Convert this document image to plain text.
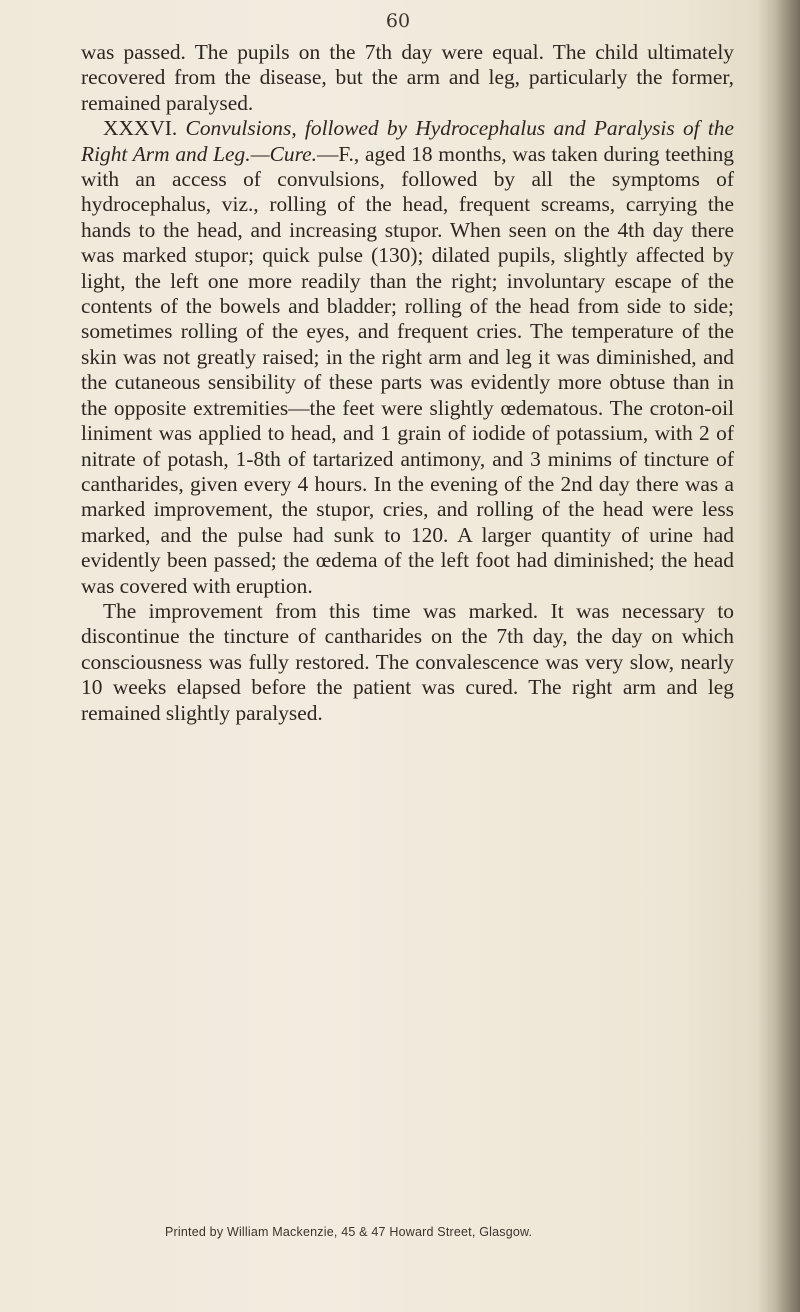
60

was passed. The pupils on the 7th day were equal. The child ultimately recovered from the disease, but the arm and leg, particularly the former, remained paralysed.

XXXVI. Convulsions, followed by Hydrocephalus and Paralysis of the Right Arm and Leg.—Cure.—F., aged 18 months, was taken during teething with an access of convulsions, followed by all the symptoms of hydrocephalus, viz., rolling of the head, frequent screams, carrying the hands to the head, and increasing stupor. When seen on the 4th day there was marked stupor; quick pulse (130); dilated pupils, slightly affected by light, the left one more readily than the right; involuntary escape of the contents of the bowels and bladder; rolling of the head from side to side; sometimes rolling of the eyes, and frequent cries. The temperature of the skin was not greatly raised; in the right arm and leg it was diminished, and the cutaneous sensibility of these parts was evidently more obtuse than in the opposite extremities—the feet were slightly œdematous. The croton-oil liniment was applied to head, and 1 grain of iodide of potassium, with 2 of nitrate of potash, 1-8th of tartarized antimony, and 3 minims of tincture of cantharides, given every 4 hours. In the evening of the 2nd day there was a marked improvement, the stupor, cries, and rolling of the head were less marked, and the pulse had sunk to 120. A larger quantity of urine had evidently been passed; the œdema of the left foot had diminished; the head was covered with eruption.

The improvement from this time was marked. It was necessary to discontinue the tincture of cantharides on the 7th day, the day on which consciousness was fully restored. The convalescence was very slow, nearly 10 weeks elapsed before the patient was cured. The right arm and leg remained slightly paralysed.

Printed by William Mackenzie, 45 & 47 Howard Street, Glasgow.
